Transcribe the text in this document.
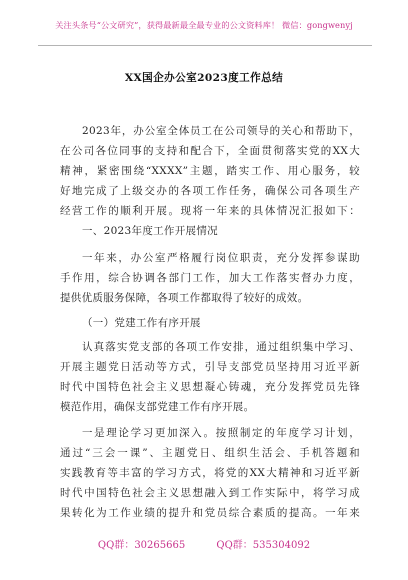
关注头条号“公文研究”，获得最新最全最专业的公文资料库！ 微信：gongwenyj
XX国企办公室2023度工作总结
2023年，办公室全体员工在公司领导的关心和帮助下，
在公司各位同事的支持和配合下，全面贯彻落实党的XX大
精神，紧密围绕“XXXX”主题，踏实工作、用心服务，较
好地完成了上级交办的各项工作任务，确保公司各项生产
经营工作的顺利开展。现将一年来的具体情况汇报如下：
一、2023年度工作开展情况
一年来，办公室严格履行岗位职责，充分发挥参谋助
手作用，综合协调各部门工作，加大工作落实督办力度，
提供优质服务保障，各项工作都取得了较好的成效。
（一）党建工作有序开展
认真落实党支部的各项工作安排，通过组织集中学习、
开展主题党日活动等方式，引导支部党员坚持用习近平新
时代中国特色社会主义思想凝心铸魂，充分发挥党员先锋
模范作用，确保支部党建工作有序开展。
一是理论学习更加深入。按照制定的年度学习计划，
通过“三会一课”、主题党日、组织生活会、手机答题和
实践教育等丰富的学习方式，将党的XX大精神和习近平新
时代中国特色社会主义思想融入到工作实际中，将学习成
果转化为工作业绩的提升和党员综合素质的提高。一年来
QQ群：30265665	QQ群：535304092
